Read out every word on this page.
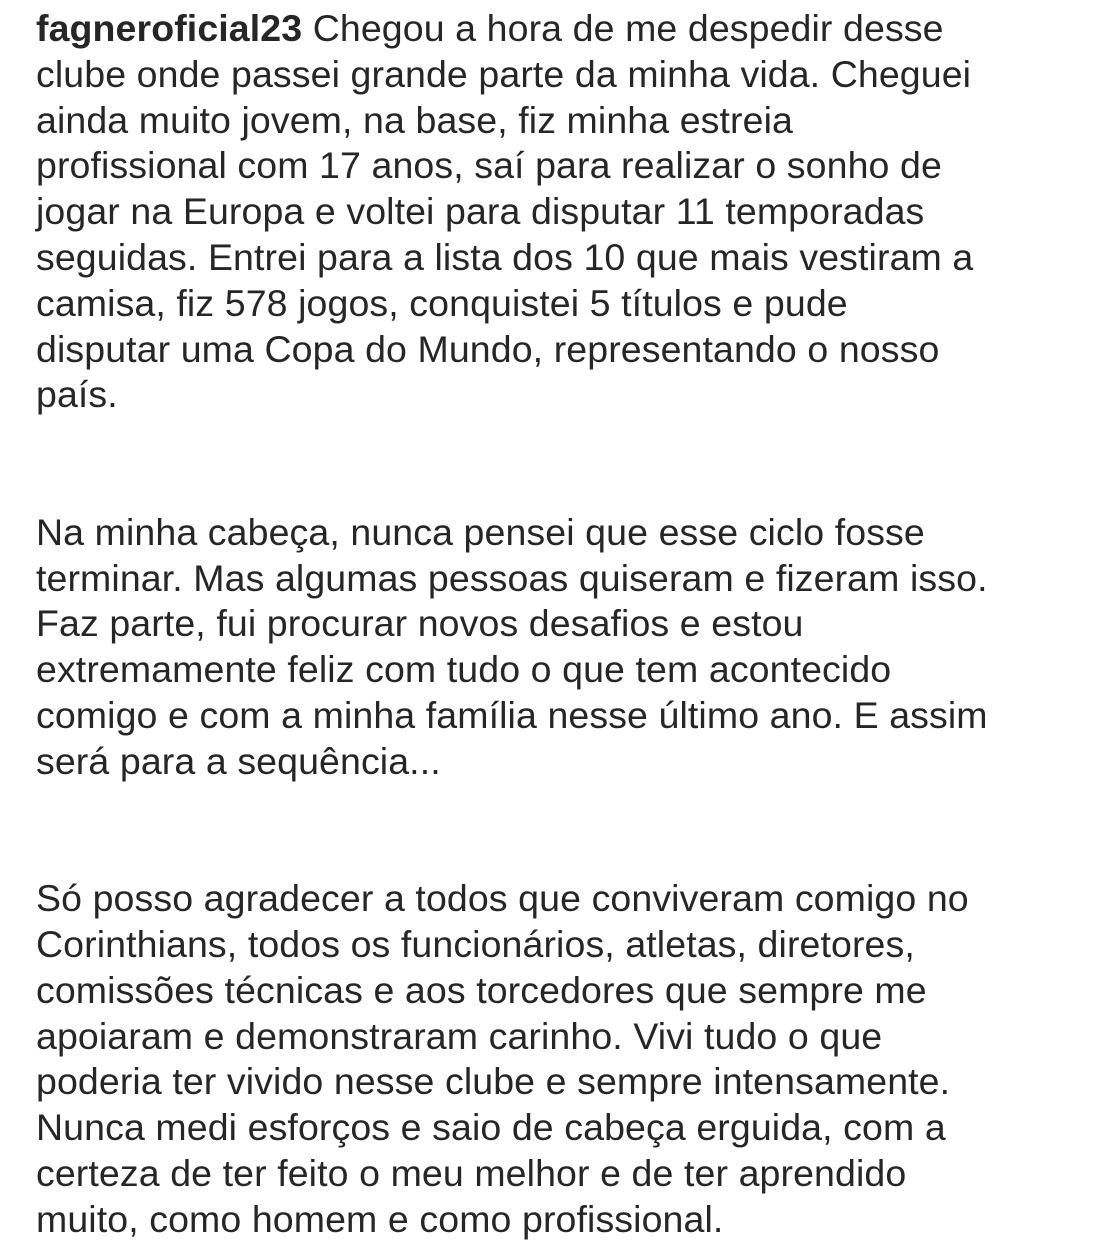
fagneroficial23 Chegou a hora de me despedir desse
clube onde passei grande parte da minha vida. Cheguei
ainda muito jovem, na base, fiz minha estreia
profissional com 17 anos, saí para realizar o sonho de
jogar na Europa e voltei para disputar 11 temporadas
seguidas. Entrei para a lista dos 10 que mais vestiram a
camisa, fiz 578 jogos, conquistei 5 títulos e pude
disputar uma Copa do Mundo, representando o nosso
país.
Na minha cabeça, nunca pensei que esse ciclo fosse
terminar. Mas algumas pessoas quiseram e fizeram isso.
Faz parte, fui procurar novos desafios e estou
extremamente feliz com tudo o que tem acontecido
comigo e com a minha família nesse último ano. E assim
será para a sequência...
Só posso agradecer a todos que conviveram comigo no
Corinthians, todos os funcionários, atletas, diretores,
comissões técnicas e aos torcedores que sempre me
apoiaram e demonstraram carinho. Vivi tudo o que
poderia ter vivido nesse clube e sempre intensamente.
Nunca medi esforços e saio de cabeça erguida, com a
certeza de ter feito o meu melhor e de ter aprendido
muito, como homem e como profissional.
